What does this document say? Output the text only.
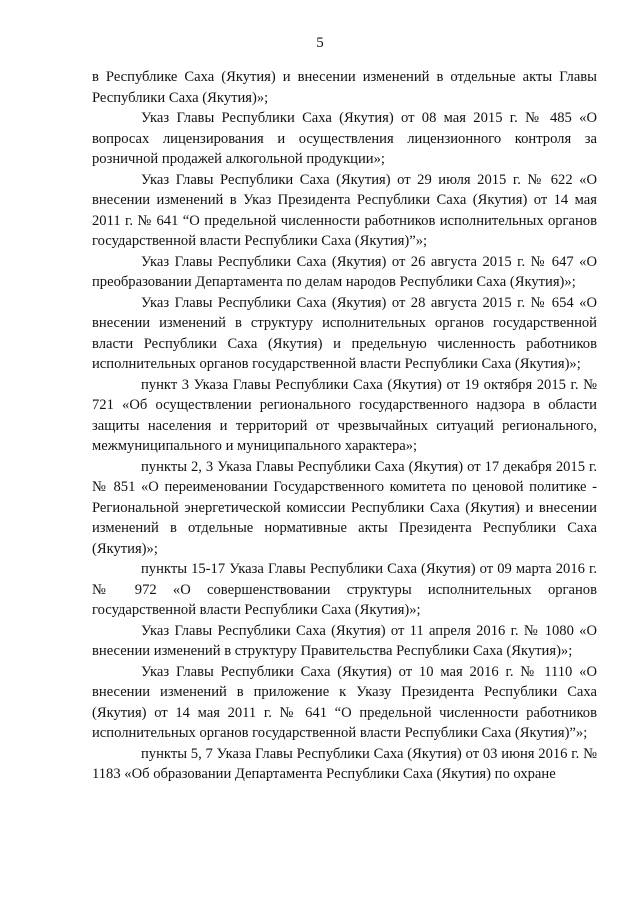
5

в Республике Саха (Якутия) и внесении изменений в отдельные акты Главы Республики Саха (Якутия)»;

Указ Главы Республики Саха (Якутия) от 08 мая 2015 г. № 485 «О вопросах лицензирования и осуществления лицензионного контроля за розничной продажей алкогольной продукции»;

Указ Главы Республики Саха (Якутия) от 29 июля 2015 г. № 622 «О внесении изменений в Указ Президента Республики Саха (Якутия) от 14 мая 2011 г. № 641 “О предельной численности работников исполнительных органов государственной власти Республики Саха (Якутия)”»;

Указ Главы Республики Саха (Якутия) от 26 августа 2015 г. № 647 «О преобразовании Департамента по делам народов Республики Саха (Якутия)»;

Указ Главы Республики Саха (Якутия) от 28 августа 2015 г. № 654 «О внесении изменений в структуру исполнительных органов государственной власти Республики Саха (Якутия) и предельную численность работников исполнительных органов государственной власти Республики Саха (Якутия)»;

пункт 3 Указа Главы Республики Саха (Якутия) от 19 октября 2015 г. № 721 «Об осуществлении регионального государственного надзора в области защиты населения и территорий от чрезвычайных ситуаций регионального, межмуниципального и муниципального характера»;

пункты 2, 3 Указа Главы Республики Саха (Якутия) от 17 декабря 2015 г. № 851 «О переименовании Государственного комитета по ценовой политике - Региональной энергетической комиссии Республики Саха (Якутия) и внесении изменений в отдельные нормативные акты Президента Республики Саха (Якутия)»;

пункты 15-17 Указа Главы Республики Саха (Якутия) от 09 марта 2016 г. № 972 «О совершенствовании структуры исполнительных органов государственной власти Республики Саха (Якутия)»;

Указ Главы Республики Саха (Якутия) от 11 апреля 2016 г. № 1080 «О внесении изменений в структуру Правительства Республики Саха (Якутия)»;

Указ Главы Республики Саха (Якутия) от 10 мая 2016 г. № 1110 «О внесении изменений в приложение к Указу Президента Республики Саха (Якутия) от 14 мая 2011 г. № 641 “О предельной численности работников исполнительных органов государственной власти Республики Саха (Якутия)”»;

пункты 5, 7 Указа Главы Республики Саха (Якутия) от 03 июня 2016 г. № 1183 «Об образовании Департамента Республики Саха (Якутия) по охране
